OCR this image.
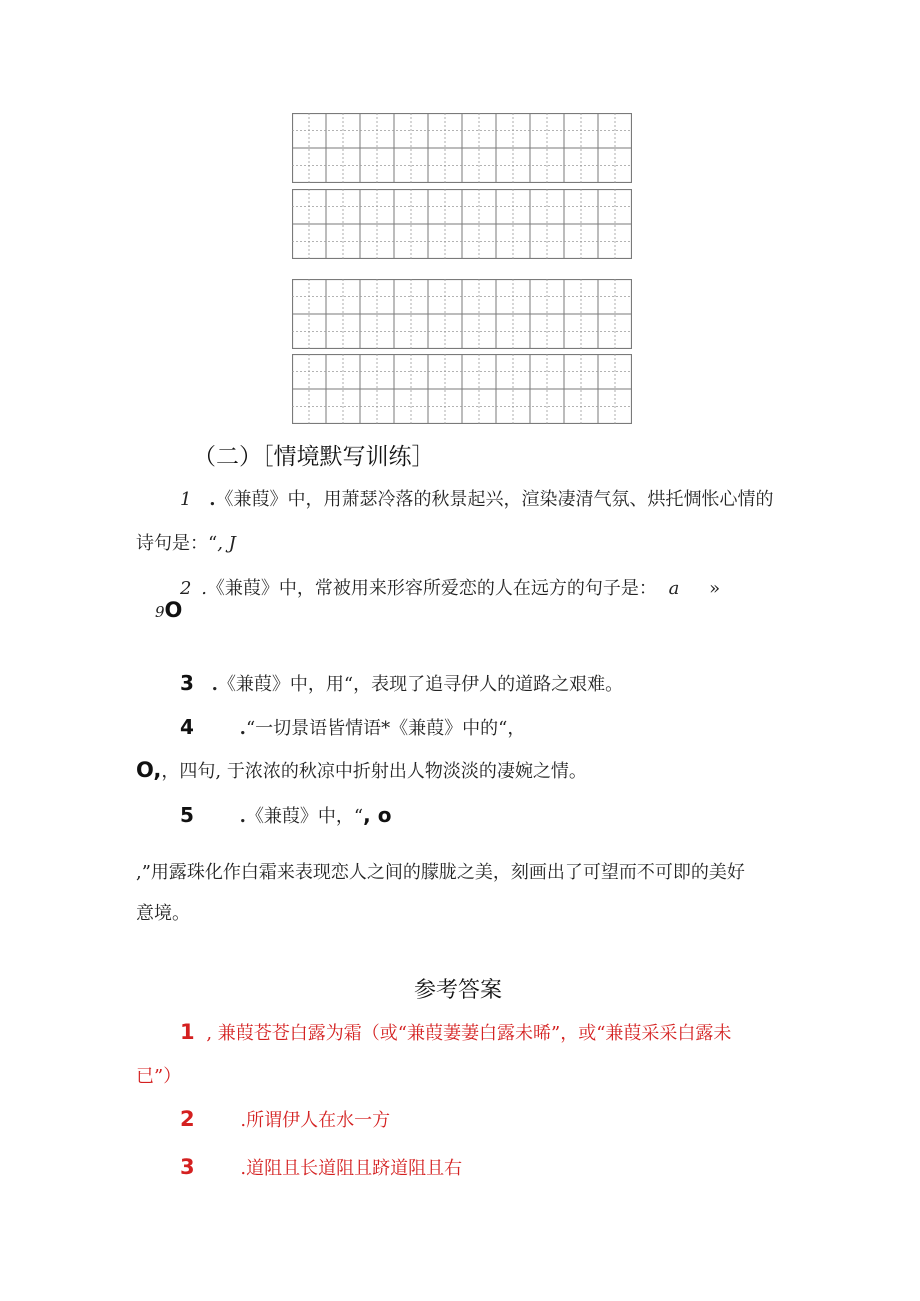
（二）［情境默写训练］
1 .《兼葭》中，用萧瑟冷落的秋景起兴，渲染凄清气氛、烘托惆怅心情的
诗句是：“, J
2 .《兼葭》中，常被用来形容所爱恋的人在远方的句子是： a »
9O
3 .《兼葭》中，用“，表现了追寻伊人的道路之艰难。
4	.“一切景语皆情语*《兼葭》中的“，
O,，四句, 于浓浓的秋凉中折射出人物淡淡的凄婉之情。
5	.《兼葭》中，“, o
,”用露珠化作白霜来表现恋人之间的朦胧之美，刻画出了可望而不可即的美好
意境。
参考答案
1 , 兼葭苍苍白露为霜（或“兼葭萋萋白露未晞”，或“兼葭采采白露未
已”）
2	.所谓伊人在水一方
3	.道阻且长道阻且跻道阻且右
